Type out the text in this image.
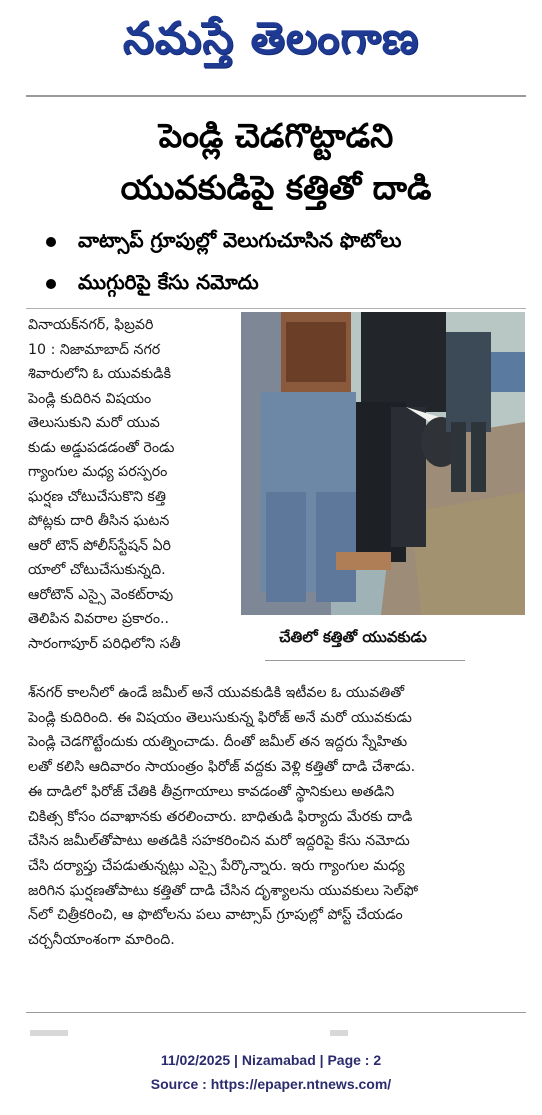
నమస్తే తెలంగాణ
పెండ్లి చెడగొట్టాడని
యువకుడిపై కత్తితో దాడి
వాట్సాప్ గ్రూపుల్లో వెలుగుచూసిన ఫొటోలు
ముగ్గురిపై కేసు నమోదు
వినాయక్‌నగర్, ఫిబ్రవరి
10 : నిజామాబాద్ నగర
శివారులోని ఓ యువకుడికి
పెండ్లి కుదిరిన విషయం
తెలుసుకుని మరో యువ
కుడు అడ్డుపడడంతో రెండు
గ్యాంగుల మధ్య పరస్పరం
ఘర్షణ చోటుచేసుకొని కత్తి
పోట్లకు దారి తీసిన ఘటన
ఆరో టౌన్ పోలీస్‌స్టేషన్ ఏరి
యాలో చోటుచేసుకున్నది.
ఆరోటౌన్ ఎస్సై వెంకట్‌రావు
తెలిపిన వివరాల ప్రకారం..
సారంగాపూర్ పరిధిలోని సతీ	చేతిలో కత్తితో యువకుడు
శ్‌నగర్ కాలనీలో ఉండే జమీల్ అనే యువకుడికి ఇటీవల ఓ యువతితో
పెండ్లి కుదిరింది. ఈ విషయం తెలుసుకున్న ఫిరోజ్ అనే మరో యువకుడు
పెండ్లి చెడగొట్టేందుకు యత్నించాడు. దీంతో జమీల్ తన ఇద్దరు స్నేహితు
లతో కలిసి ఆదివారం సాయంత్రం ఫిరోజ్ వద్దకు వెళ్లి కత్తితో దాడి చేశాడు.
ఈ దాడిలో ఫిరోజ్ చేతికి తీవ్రగాయాలు కావడంతో స్థానికులు అతడిని
చికిత్స కోసం దవాఖానకు తరలించారు. బాధితుడి ఫిర్యాదు మేరకు దాడి
చేసిన జమీల్‌తోపాటు అతడికి సహకరించిన మరో ఇద్దరిపై కేసు నమోదు
చేసి దర్యాప్తు చేపడుతున్నట్లు ఎస్సై పేర్కొన్నారు. ఇరు గ్యాంగుల మధ్య
జరిగిన ఘర్షణతోపాటు కత్తితో దాడి చేసిన దృశ్యాలను యువకులు సెల్‌ఫో
న్‌లో చిత్రీకరించి, ఆ ఫొటోలను పలు వాట్సాప్ గ్రూపుల్లో పోస్ట్ చేయడం
చర్చనీయాంశంగా మారింది.
11/02/2025 | Nizamabad | Page : 2
Source : https://epaper.ntnews.com/
